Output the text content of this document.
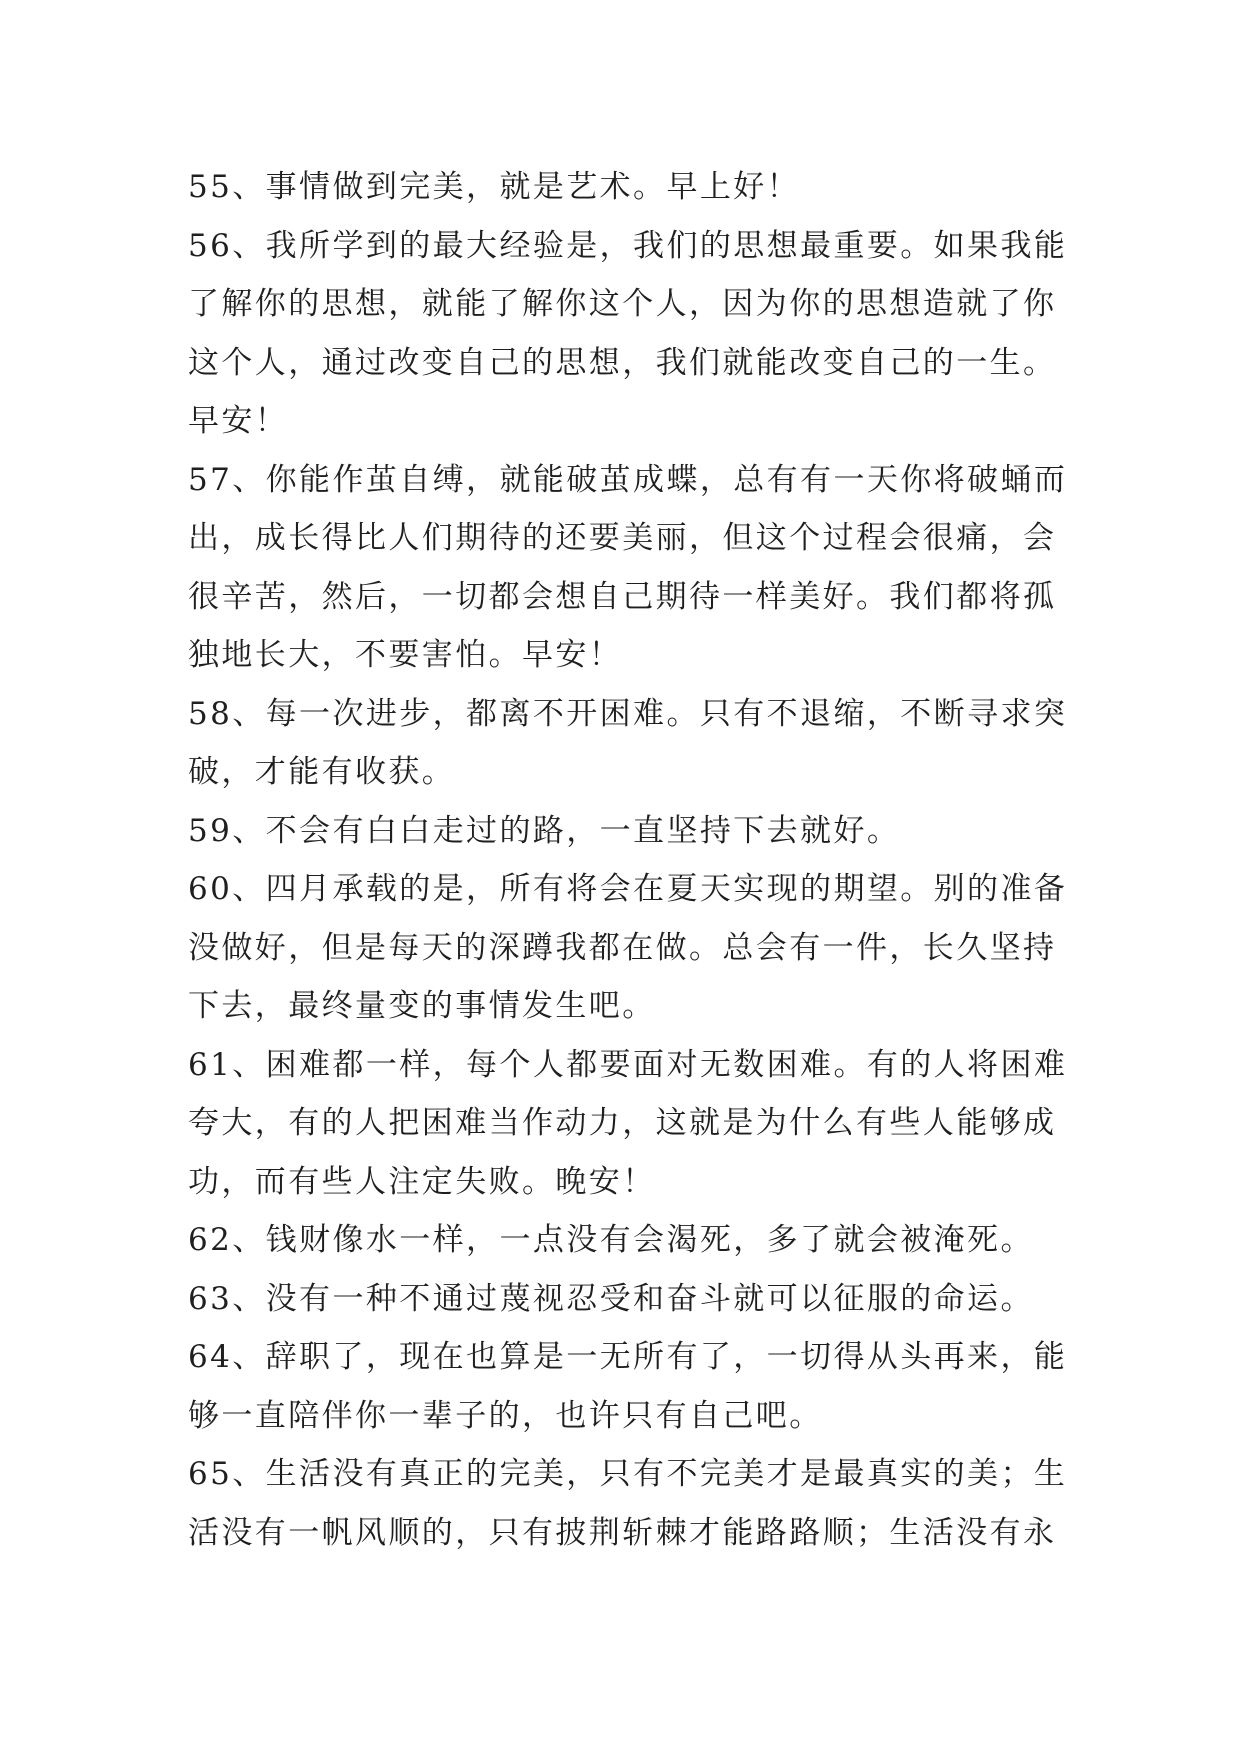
55、事情做到完美，就是艺术。早上好！
56、我所学到的最大经验是，我们的思想最重要。如果我能
了解你的思想，就能了解你这个人，因为你的思想造就了你
这个人，通过改变自己的思想，我们就能改变自己的一生。
早安！
57、你能作茧自缚，就能破茧成蝶，总有有一天你将破蛹而
出，成长得比人们期待的还要美丽，但这个过程会很痛，会
很辛苦，然后，一切都会想自己期待一样美好。我们都将孤
独地长大，不要害怕。早安！
58、每一次进步，都离不开困难。只有不退缩，不断寻求突
破，才能有收获。
59、不会有白白走过的路，一直坚持下去就好。
60、四月承载的是，所有将会在夏天实现的期望。别的准备
没做好，但是每天的深蹲我都在做。总会有一件，长久坚持
下去，最终量变的事情发生吧。
61、困难都一样，每个人都要面对无数困难。有的人将困难
夸大，有的人把困难当作动力，这就是为什么有些人能够成
功，而有些人注定失败。晚安！
62、钱财像水一样，一点没有会渴死，多了就会被淹死。
63、没有一种不通过蔑视忍受和奋斗就可以征服的命运。
64、辞职了，现在也算是一无所有了，一切得从头再来，能
够一直陪伴你一辈子的，也许只有自己吧。
65、生活没有真正的完美，只有不完美才是最真实的美；生
活没有一帆风顺的，只有披荆斩棘才能路路顺；生活没有永
